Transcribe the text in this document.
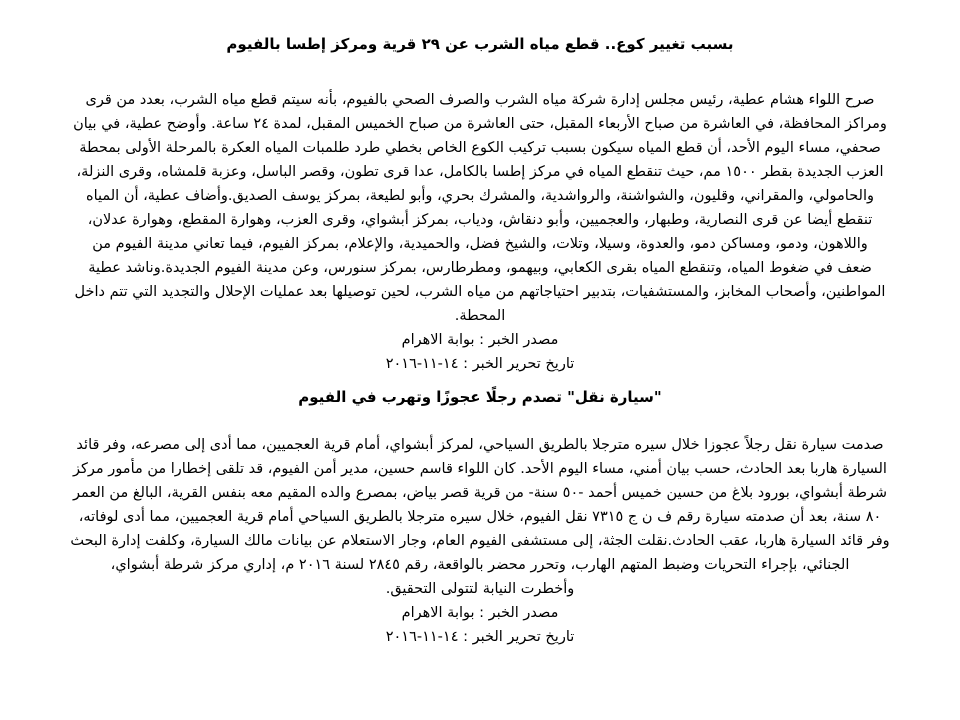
بسبب تغيير كوع.. قطع مياه الشرب عن ٢٩ قرية ومركز إطسا بالفيوم
صرح اللواء هشام عطية، رئيس مجلس إدارة شركة مياه الشرب والصرف الصحي بالفيوم، بأنه سيتم قطع مياه الشرب، بعدد من قرى
ومراكز المحافظة، في العاشرة من صباح الأربعاء المقبل، حتى العاشرة من صباح الخميس المقبل، لمدة ٢٤ ساعة. وأوضح عطية، في بيان
صحفي، مساء اليوم الأحد، أن قطع المياه سيكون بسبب تركيب الكوع الخاص بخطي طرد طلمبات المياه العكرة بالمرحلة الأولى بمحطة
العزب الجديدة بقطر ١٥٠٠ مم، حيث تنقطع المياه في مركز إطسا بالكامل، عدا قرى تطون، وقصر الباسل، وعزبة قلمشاه، وقرى النزلة،
والحامولي، والمقراني، وقليون، والشواشنة، والرواشدية، والمشرك بحري، وأبو لطيعة، بمركز يوسف الصديق.وأضاف عطية، أن المياه
تنقطع أيضا عن قرى النصارية، وطبهار، والعجميين، وأبو دنقاش، ودياب، بمركز أبشواي، وقرى العزب، وهوارة المقطع، وهوارة عدلان،
واللاهون، ودمو، ومساكن دمو، والعدوة، وسيلا، وتلات، والشيخ فضل، والحميدية، والإعلام، بمركز الفيوم، فيما تعاني مدينة الفيوم من
ضعف في ضغوط المياه، وتنقطع المياه بقرى الكعابي، وبيهمو، ومطرطارس، بمركز سنورس، وعن مدينة الفيوم الجديدة.وناشد عطية
المواطنين، وأصحاب المخابز، والمستشفيات، بتدبير احتياجاتهم من مياه الشرب، لحين توصيلها بعد عمليات الإحلال والتجديد التي تتم داخل
المحطة.
مصدر الخبر : بوابة الاهرام
تاريخ تحرير الخبر : ١٤-١١-٢٠١٦
"سيارة نقل" تصدم رجلًا عجوزًا وتهرب في الفيوم
صدمت سيارة نقل رجلاً عجوزا خلال سيره مترجلا بالطريق السياحي، لمركز أبشواي، أمام قرية العجميين، مما أدى إلى مصرعه، وفر قائد
السيارة هاربا بعد الحادث، حسب بيان أمني، مساء اليوم الأحد. كان اللواء قاسم حسين، مدير أمن الفيوم، قد تلقى إخطارا من مأمور مركز
شرطة أبشواي، بورود بلاغ من حسين خميس أحمد -٥٠ سنة- من قرية قصر بياض، بمصرع والده المقيم معه بنفس القرية، البالغ من العمر
٨٠ سنة، بعد أن صدمته سيارة رقم ف ن ج ٧٣١٥ نقل الفيوم، خلال سيره مترجلا بالطريق السياحي أمام قرية العجميين، مما أدى لوفاته،
وفر قائد السيارة هاربا، عقب الحادث.نقلت الجثة، إلى مستشفى الفيوم العام، وجار الاستعلام عن بيانات مالك السيارة، وكلفت إدارة البحث
الجنائي، بإجراء التحريات وضبط المتهم الهارب، وتحرر محضر بالواقعة، رقم ٢٨٤٥ لسنة ٢٠١٦ م، إداري مركز شرطة أبشواي،
وأخطرت النيابة لتتولى التحقيق.
مصدر الخبر : بوابة الاهرام
تاريخ تحرير الخبر : ١٤-١١-٢٠١٦
